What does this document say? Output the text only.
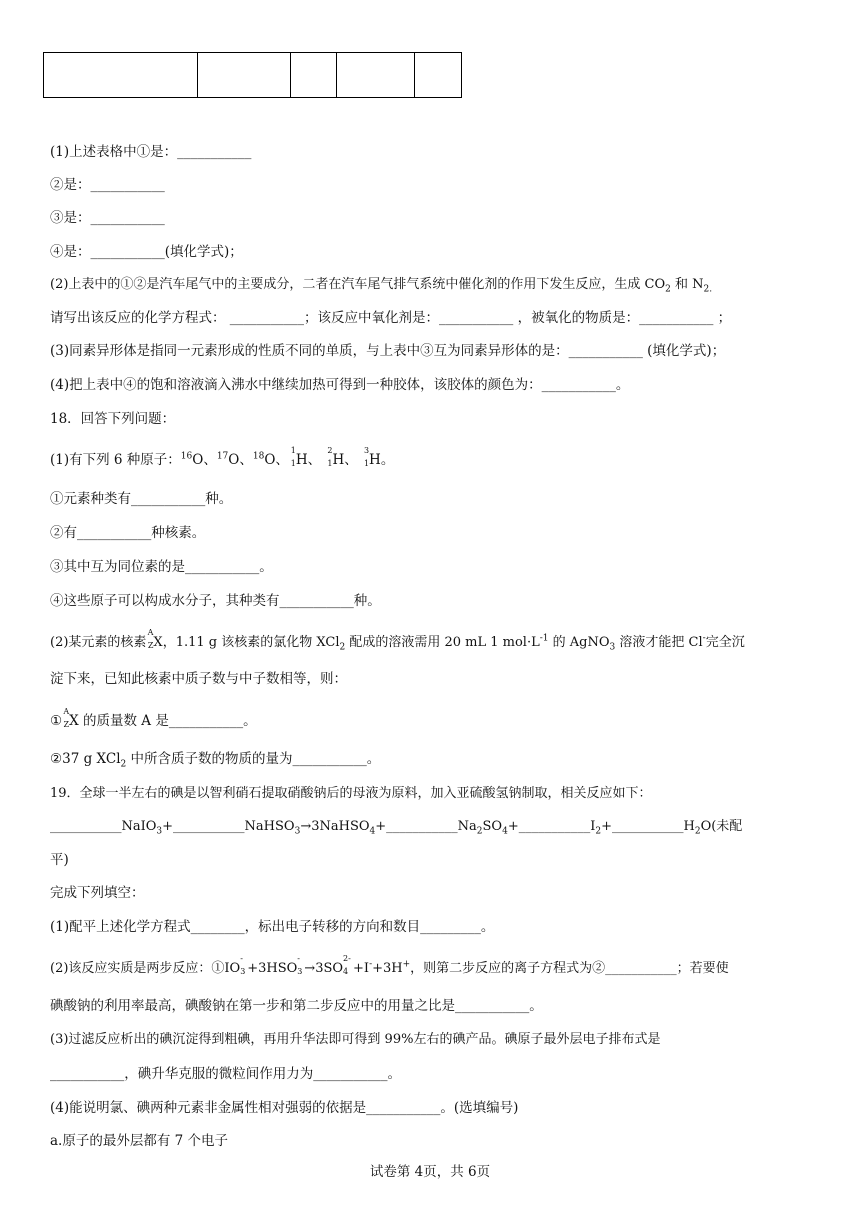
(1)上述表格中①是：___________
②是：___________
③是：___________
④是：___________(填化学式)；
(2)上表中的①②是汽车尾气中的主要成分，二者在汽车尾气排气系统中催化剂的作用下发生反应，生成 $CO_2$ 和 $N_{2.}$
请写出该反应的化学方程式： ___________；该反应中氧化剂是：___________ ，被氧化的物质是：___________ ；
(3)同素异形体是指同一元素形成的性质不同的单质，与上表中③互为同素异形体的是：___________ (填化学式)；
(4)把上表中④的饱和溶液滴入沸水中继续加热可得到一种胶体，该胶体的颜色为：___________。
18．回答下列问题：
(1)有下列 6 种原子：$^{16}$O、$^{17}$O、$^{18}$O、
1
1 H、
2
1 H、
3
1 H。
①元素种类有___________种。
②有___________种核素。
③其中互为同位素的是___________。
④这些原子可以构成水分子，其种类有___________种。
(2)某元素的核素
A
Z X，1.11 g 该核素的氯化物 XCl$_2$ 配成的溶液需用 20 mL 1 $mol\cdot L^{-1}$ 的 AgNO$_3$ 溶液才能把 Cl-完全沉
淀下来，已知此核素中质子数与中子数相等，则：
①
A
Z X 的质量数 A 是___________。
②37 g XCl$_2$ 中所含质子数的物质的量为___________。
19．全球一半左右的碘是以智利硝石提取硝酸钠后的母液为原料，加入亚硫酸氢钠制取，相关反应如下：
$\_\_\_\_\_\_\_\_\_\_\_NaIO_3+\_\_\_\_\_\_\_\_\_\_\_NaHSO_3\to 3NaHSO_4+\_\_\_\_\_\_\_\_\_\_\_Na_2SO_4+\_\_\_\_\_\_\_\_\_\_\_I_2+\_\_\_\_\_\_\_\_\_\_\_H_2O$(未配
平)
完成下列填空：
(1)配平上述化学方程式________，标出电子转移的方向和数目_________。
(2)该反应实质是两步反应：①IO
-
3 +3HSO
-
3 →3SO
2-
4 +I-+3H+，则第二步反应的离子方程式为②___________；若要使
碘酸钠的利用率最高，碘酸钠在第一步和第二步反应中的用量之比是___________。
(3)过滤反应析出的碘沉淀得到粗碘，再用升华法即可得到 99%左右的碘产品。碘原子最外层电子排布式是
___________，碘升华克服的微粒间作用力为___________。
(4)能说明氯、碘两种元素非金属性相对强弱的依据是___________。(选填编号)
a.原子的最外层都有 7 个电子
试卷第 4页，共 6页
